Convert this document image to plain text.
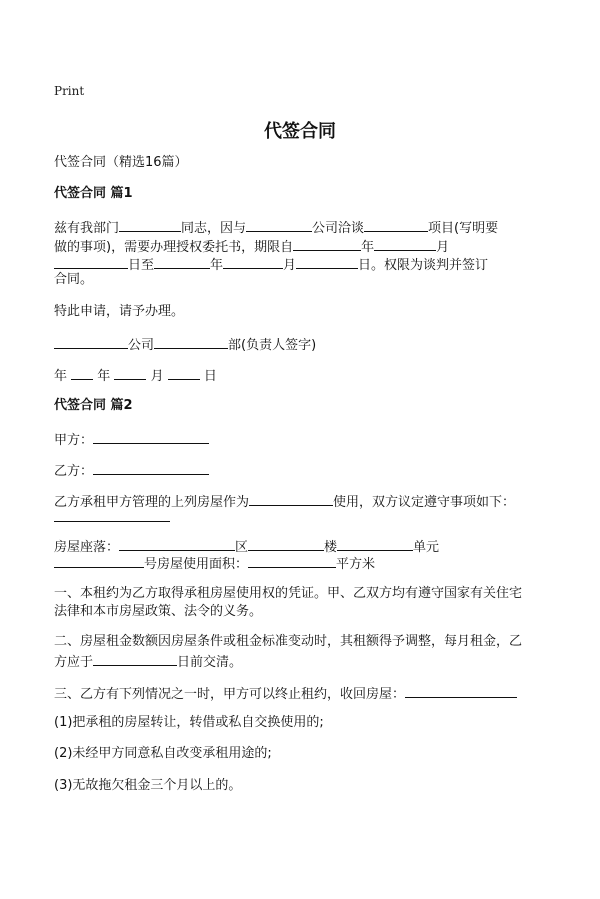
Print
代签合同
代签合同（精选16篇）
代签合同 篇1
兹有我部门	同志，因与	公司洽谈	项目(写明要
做的事项)，需要办理授权委托书，期限自	年	月
日至	年	月	日。权限为谈判并签订
合同。
特此申请，请予办理。
公司	部(负责人签字)
年 年	月	日
代签合同 篇2
甲方：
乙方：
乙方承租甲方管理的上列房屋作为	使用，双方议定遵守事项如下：
房屋座落：	区	楼	单元
号房屋使用面积：	平方米
一、本租约为乙方取得承租房屋使用权的凭证。甲、乙双方均有遵守国家有关住宅
法律和本市房屋政策、法令的义务。
二、房屋租金数额因房屋条件或租金标准变动时，其租额得予调整，每月租金，乙
方应于	日前交清。
三、乙方有下列情况之一时，甲方可以终止租约，收回房屋：
(1)把承租的房屋转让，转借或私自交换使用的;
(2)未经甲方同意私自改变承租用途的;
(3)无故拖欠租金三个月以上的。
